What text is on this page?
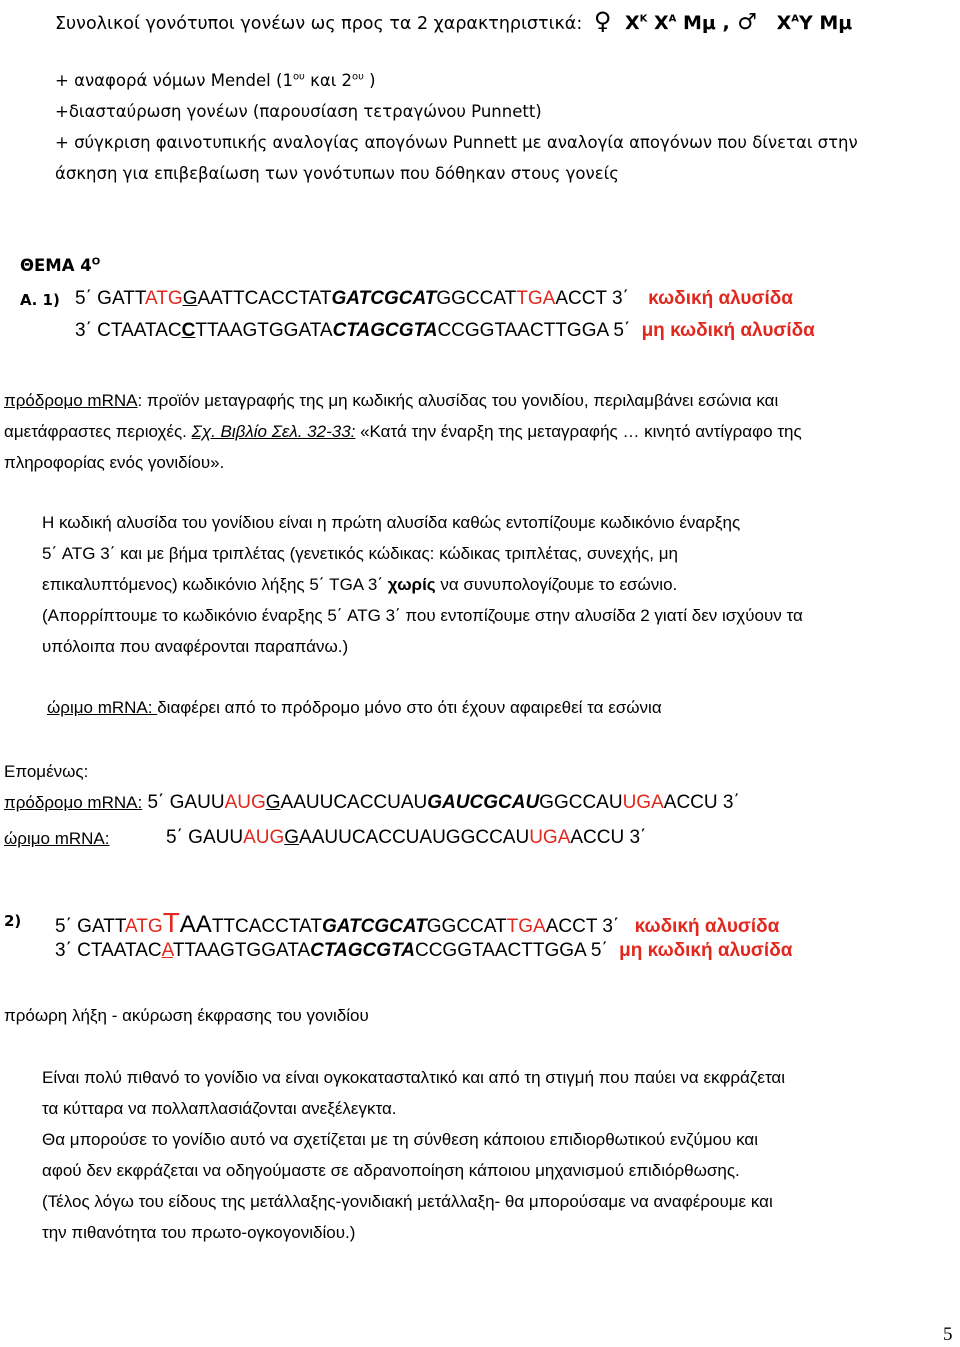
Συνολικοί γονότυποι γονέων ως προς τα 2 χαρακτηριστικά: ♀ $X^K$ $X^A$ Μμ , ♂ $X^A\Upsilon$ Μμ
+ αναφορά νόμων Mendel ($1^{o\upsilon}$ και $2^{o\upsilon}$ )
+διασταύρωση γονέων (παρουσίαση τετραγώνου Punnett)
+ σύγκριση φαινοτυπικής αναλογίας απογόνων Punnett με αναλογία απογόνων που δίνεται στην
άσκηση για επιβεβαίωση των γονότυπων που δόθηκαν στους γονείς
ΘΕΜΑ $4^O$
Α. 1) 5΄ GATTATGGAATTCACCTATGATCGCATGGCCATTGAACCT 3΄ κωδική αλυσίδα
3΄ CTAATACCTTAAGTGGATACTAGCGTACCGGTAACTTGGA 5΄ μη κωδική αλυσίδα
πρόδρομο mRNA: προϊόν μεταγραφής της μη κωδικής αλυσίδας του γονιδίου, περιλαμβάνει εσώνια και
αμετάφραστες περιοχές. Σχ. Βιβλίο Σελ. 32-33: «Κατά την έναρξη της μεταγραφής … κινητό αντίγραφο της
πληροφορίας ενός γονιδίου».
Η κωδική αλυσίδα του γονίδιου είναι η πρώτη αλυσίδα καθώς εντοπίζουμε κωδικόνιο έναρξης
5΄ ATG 3΄ και με βήμα τριπλέτας (γενετικός κώδικας: κώδικας τριπλέτας, συνεχής, μη
επικαλυπτόμενος) κωδικόνιο λήξης 5΄ TGA 3΄ χωρίς να συνυπολογίζουμε το εσώνιο.
(Απορρίπτουμε το κωδικόνιο έναρξης 5΄ ATG 3΄ που εντοπίζουμε στην αλυσίδα 2 γιατί δεν ισχύουν τα
υπόλοιπα που αναφέρονται παραπάνω.)
ώριμο mRNA: διαφέρει από το πρόδρομο μόνο στο ότι έχουν αφαιρεθεί τα εσώνια
Επομένως:
πρόδρομο mRNA: 5΄ GAUUAUGGAAUUCACCUAUGAUCGCAUGGCCAUUGAACCU 3΄
ώριμο mRNA:	5΄ GAUUAUGGAAUUCACCUAUGGCCAUUGAACCU 3΄
2) 5΄ GATTATGTAATTCACCTATGATCGCATGGCCATTGAACCT 3΄ κωδική αλυσίδα
3΄ CTAATACATTAAGTGGATACTAGCGTACCGGTAACTTGGA 5΄ μη κωδική αλυσίδα
πρόωρη λήξη - ακύρωση έκφρασης του γονιδίου
Είναι πολύ πιθανό το γονίδιο να είναι ογκοκατασταλτικό και από τη στιγμή που παύει να εκφράζεται
τα κύτταρα να πολλαπλασιάζονται ανεξέλεγκτα.
Θα μπορούσε το γονίδιο αυτό να σχετίζεται με τη σύνθεση κάποιου επιδιορθωτικού ενζύμου και
αφού δεν εκφράζεται να οδηγούμαστε σε αδρανοποίηση κάποιου μηχανισμού επιδιόρθωσης.
(Τέλος λόγω του είδους της μετάλλαξης-γονιδιακή μετάλλαξη- θα μπορούσαμε να αναφέρουμε και
την πιθανότητα του πρωτο-ογκογονιδίου.)
5
